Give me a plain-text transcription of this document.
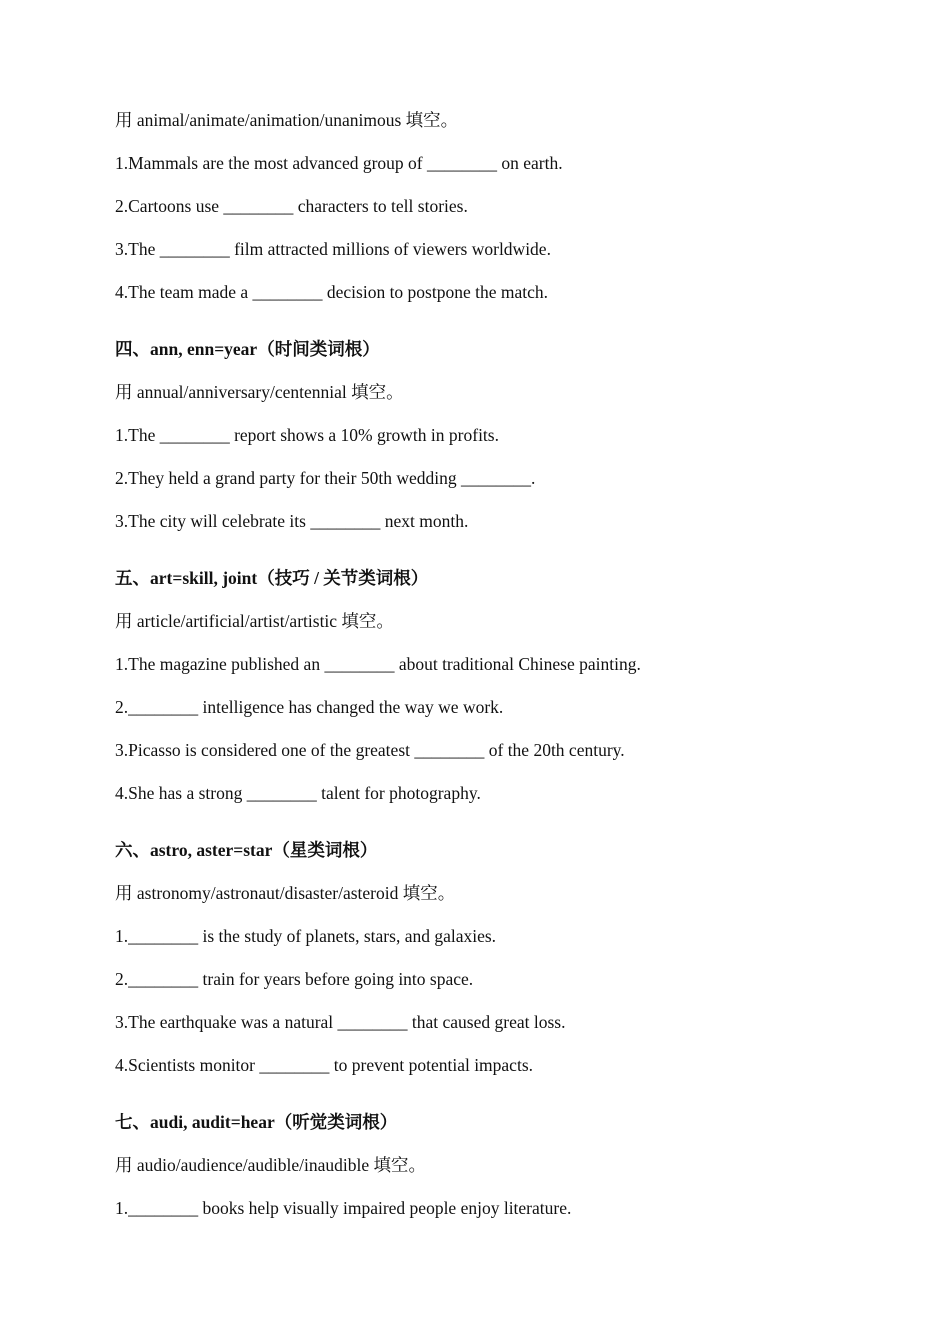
用 animal/animate/animation/unanimous 填空。

1.Mammals are the most advanced group of ________ on earth.

2.Cartoons use ________ characters to tell stories.

3.The ________ film attracted millions of viewers worldwide.

4.The team made a ________ decision to postpone the match.

四、ann, enn=year（时间类词根）

用 annual/anniversary/centennial 填空。

1.The ________ report shows a 10% growth in profits.

2.They held a grand party for their 50th wedding ________.

3.The city will celebrate its ________ next month.

五、art=skill, joint（技巧 / 关节类词根）

用 article/artificial/artist/artistic 填空。

1.The magazine published an ________ about traditional Chinese painting.

2.________ intelligence has changed the way we work.

3.Picasso is considered one of the greatest ________ of the 20th century.

4.She has a strong ________ talent for photography.

六、astro, aster=star（星类词根）

用 astronomy/astronaut/disaster/asteroid 填空。

1.________ is the study of planets, stars, and galaxies.

2.________ train for years before going into space.

3.The earthquake was a natural ________ that caused great loss.

4.Scientists monitor ________ to prevent potential impacts.

七、audi, audit=hear（听觉类词根）

用 audio/audience/audible/inaudible 填空。

1.________ books help visually impaired people enjoy literature.
